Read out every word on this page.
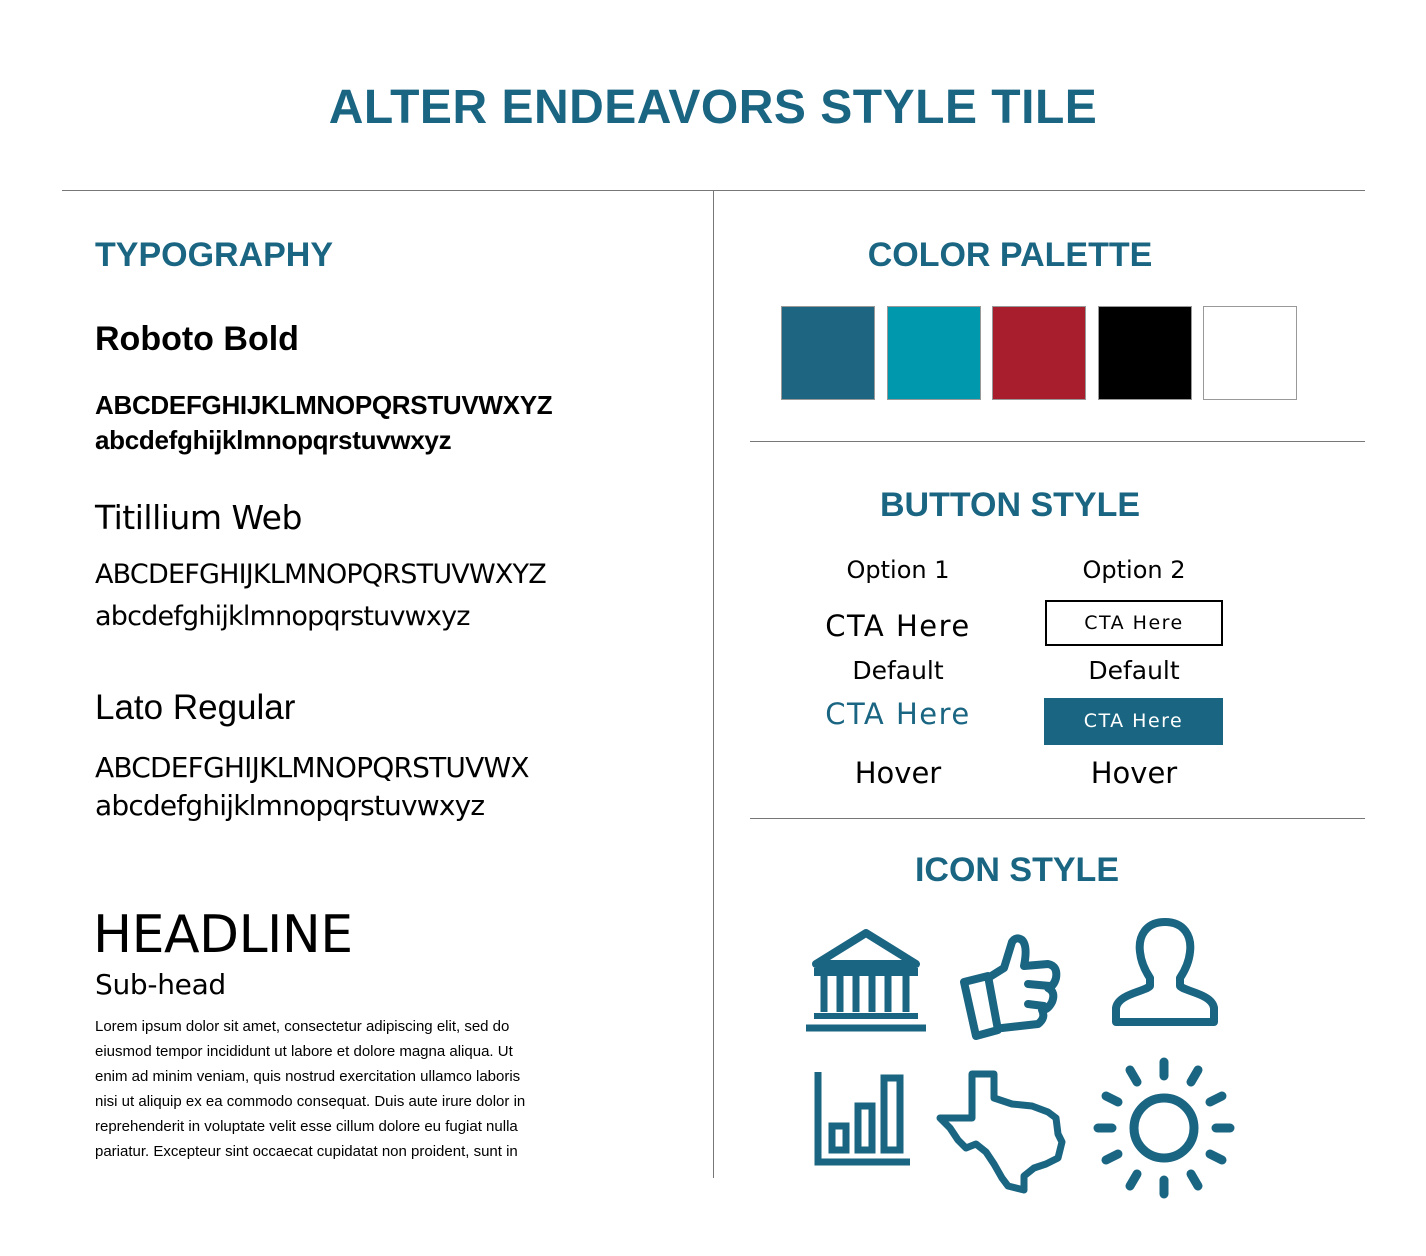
ALTER ENDEAVORS STYLE TILE
TYPOGRAPHY
Roboto Bold
ABCDEFGHIJKLMNOPQRSTUVWXYZ
abcdefghijklmnopqrstuvwxyz
Titillium Web
ABCDEFGHIJKLMNOPQRSTUVWXYZ
abcdefghijklmnopqrstuvwxyz
Lato Regular
ABCDEFGHIJKLMNOPQRSTUVWX
abcdefghijklmnopqrstuvwxyz
HEADLINE
Sub-head
Lorem ipsum dolor sit amet, consectetur adipiscing elit, sed do
eiusmod tempor incididunt ut labore et dolore magna aliqua. Ut
enim ad minim veniam, quis nostrud exercitation ullamco laboris
nisi ut aliquip ex ea commodo consequat. Duis aute irure dolor in
reprehenderit in voluptate velit esse cillum dolore eu fugiat nulla
pariatur. Excepteur sint occaecat cupidatat non proident, sunt in
COLOR PALETTE
BUTTON STYLE
Option 1	Option 2
CTA Here
Default
CTA Here
Hover
CTA Here
Default
CTA Here
Hover
ICON STYLE
